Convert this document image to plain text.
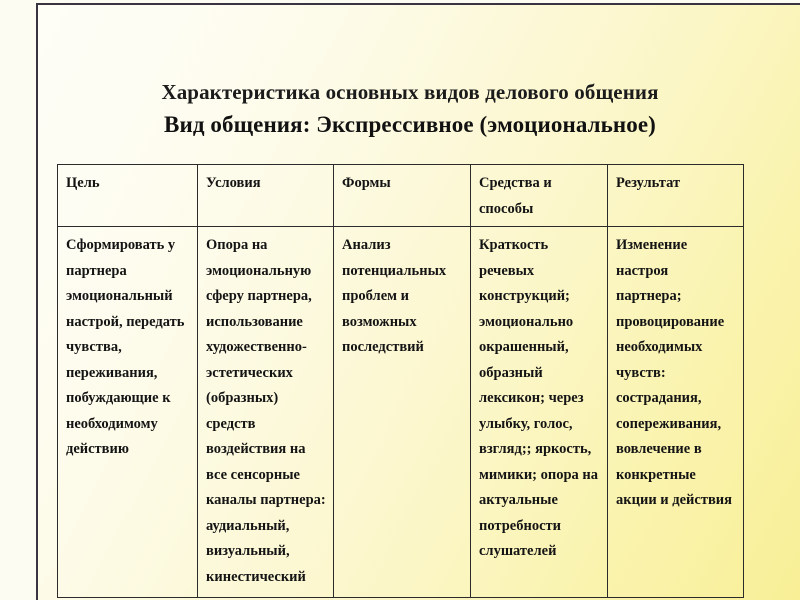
Характеристика основных видов делового общения
Вид общения: Экспрессивное (эмоциональное)
Цель	Условия	Формы	Средства и способы	Результат

Сформировать у партнера эмоциональный настрой, передать чувства, переживания, побуждающие к необходимому действию	Опора на эмоциональную сферу партнера, использование художественно-эстетических (образных) средств воздействия на все сенсорные каналы партнера: аудиальный, визуальный, кинестический	Анализ потенциальных проблем и возможных последствий	Краткость речевых конструкций; эмоционально окрашенный, образный лексикон; через улыбку, голос, взгляд;; яркость, мимики; опора на актуальные потребности слушателей	Изменение настроя партнера; провоцирование необходимых чувств: сострадания, сопереживания, вовлечение в конкретные акции и действия
